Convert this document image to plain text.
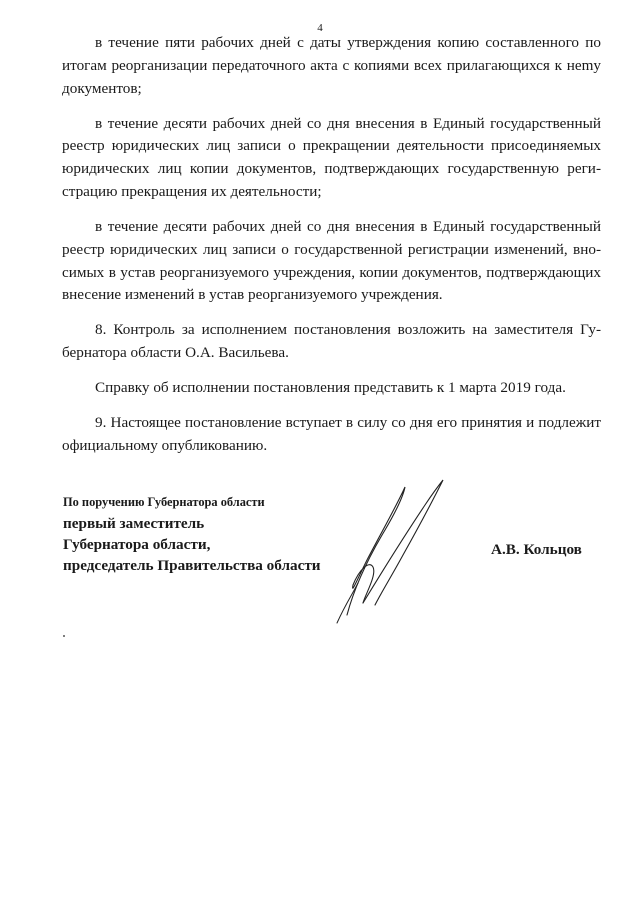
4

в течение пяти рабочих дней с даты утверждения копию составленного по итогам реорганизации передаточного акта с копиями всех прилагающихся к неmу документов;

в течение десяти рабочих дней со дня внесения в Единый государственный реестр юридических лиц записи о прекращении деятельности присоединяемых юридических лиц копии документов, подтверждающих государственную регистрацию прекращения их деятельности;

в течение десяти рабочих дней со дня внесения в Единый государственный реестр юридических лиц записи о государственной регистрации изменений, вносимых в устав реорганизуемого учреждения, копии документов, подтверждающих внесение изменений в устав реорганизуемого учреждения.

8. Контроль за исполнением постановления возложить на заместителя Губернатора области О.А. Васильева.

Справку об исполнении постановления представить к 1 марта 2019 года.

9. Настоящее постановление вступает в силу со дня его принятия и подлежит официальному опубликованию.

По поручению Губернатора области
первый заместитель
Губернатора области,
председатель Правительства области
А.В. Кольцов
